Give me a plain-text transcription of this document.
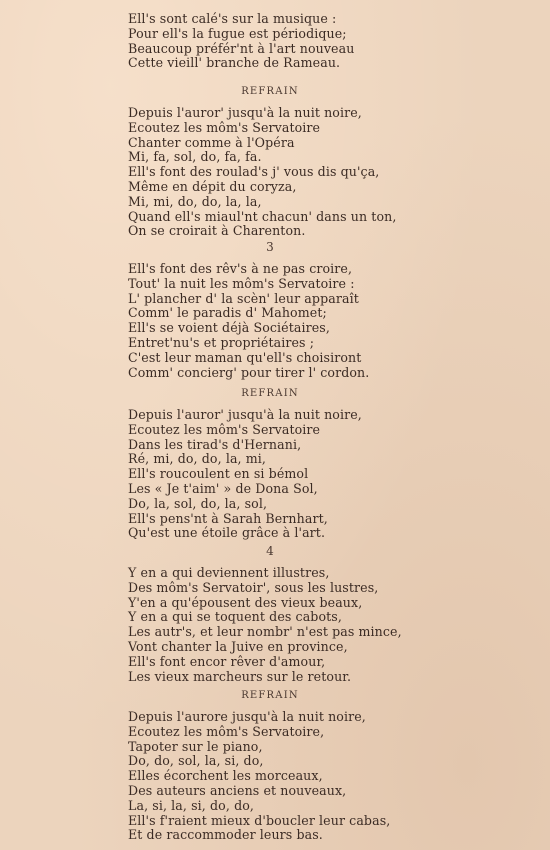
Ell's sont calé's sur la musique :
Pour ell's la fugue est périodique;
Beaucoup préfér'nt à l'art nouveau
Cette vieill' branche de Rameau.
REFRAIN
Depuis l'auror' jusqu'à la nuit noire,
Ecoutez les môm's Servatoire
Chanter comme à l'Opéra
Mi, fa, sol, do, fa, fa.
Ell's font des roulad's j' vous dis qu'ça,
Même en dépit du coryza,
Mi, mi, do, do, la, la,
Quand ell's miaul'nt chacun' dans un ton,
On se croirait à Charenton.
3
Ell's font des rêv's à ne pas croire,
Tout' la nuit les môm's Servatoire :
L' plancher d' la scèn' leur apparaît
Comm' le paradis d' Mahomet;
Ell's se voient déjà Sociétaires,
Entret'nu's et propriétaires ;
C'est leur maman qu'ell's choisiront
Comm' concierg' pour tirer l' cordon.
REFRAIN
Depuis l'auror' jusqu'à la nuit noire,
Ecoutez les môm's Servatoire
Dans les tirad's d'Hernani,
Ré, mi, do, do, la, mi,
Ell's roucoulent en si bémol
Les « Je t'aim' » de Dona Sol,
Do, la, sol, do, la, sol,
Ell's pens'nt à Sarah Bernhart,
Qu'est une étoile grâce à l'art.
4
Y en a qui deviennent illustres,
Des môm's Servatoir', sous les lustres,
Y'en a qu'épousent des vieux beaux,
Y en a qui se toquent des cabots,
Les autr's, et leur nombr' n'est pas mince,
Vont chanter la Juive en province,
Ell's font encor rêver d'amour,
Les vieux marcheurs sur le retour.
REFRAIN
Depuis l'aurore jusqu'à la nuit noire,
Ecoutez les môm's Servatoire,
Tapoter sur le piano,
Do, do, sol, la, si, do,
Elles écorchent les morceaux,
Des auteurs anciens et nouveaux,
La, si, la, si, do, do,
Ell's f'raient mieux d'boucler leur cabas,
Et de raccommoder leurs bas.
